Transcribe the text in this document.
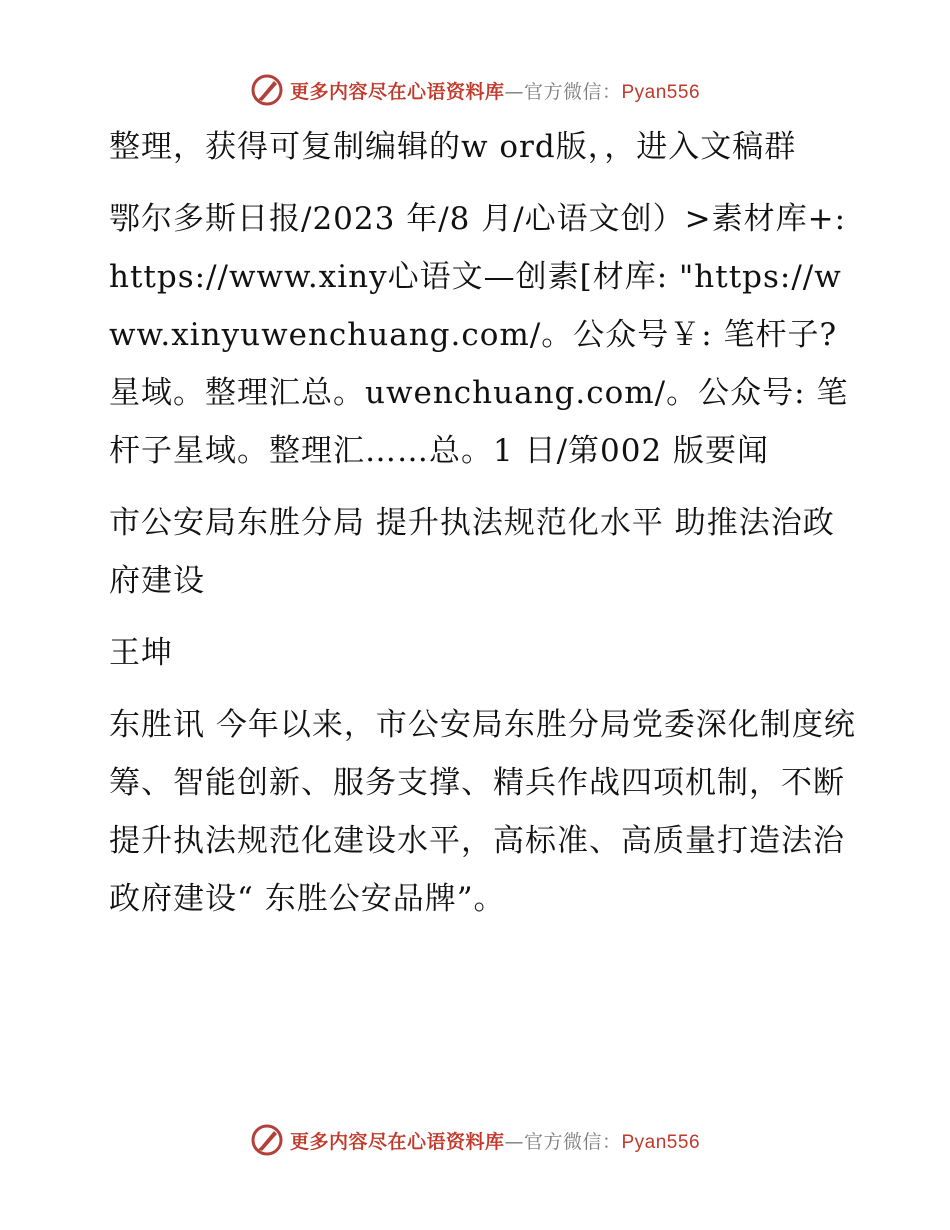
更多内容尽在心语资料库—官方微信：Pyan556

整理，获得可复制编辑的w ord版，，进入文稿群

鄂尔多斯日报/2023 年/8 月/心语文创）>素材库+: https://www.xiny心语文—创素[材库: "https://www.xinyuwenchuang.com/。公众号￥: 笔杆子?星域。整理汇总。uwenchuang.com/。公众号: 笔杆子星域。整理汇……总。1 日/第002 版要闻

市公安局东胜分局 提升执法规范化水平 助推法治政府建设

王坤

东胜讯 今年以来，市公安局东胜分局党委深化制度统筹、智能创新、服务支撑、精兵作战四项机制，不断提升执法规范化建设水平，高标准、高质量打造法治政府建设“ 东胜公安品牌”。

更多内容尽在心语资料库—官方微信：Pyan556
